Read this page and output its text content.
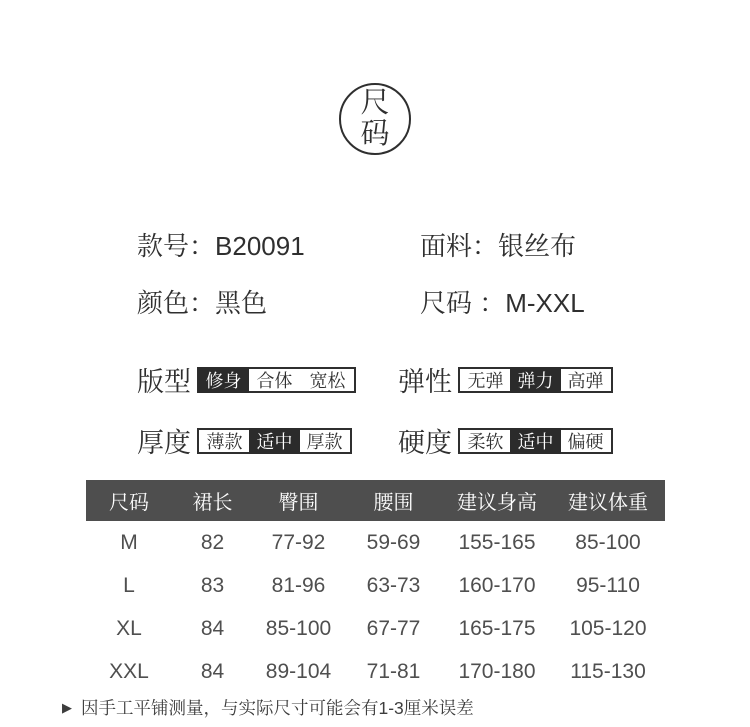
尺
码
款号：B20091	面料：银丝布
颜色：黑色	尺码 ：M-XXL
版型 修身 合体 宽松	弹性 无弹 弹力 高弹
厚度 薄款 适中 厚款 硬度 柔软 适中 偏硬
尺码	裙长	臀围	腰围	建议身高	建议体重
M	82	77-92	59-69	155-165	85-100
L	83	81-96	63-73	160-170	95-110
XL	84	85-100	67-77	165-175	105-120
XXL	84	89-104	71-81	170-180	115-130
▶ 因手工平铺测量，与实际尺寸可能会有1-3厘米误差
